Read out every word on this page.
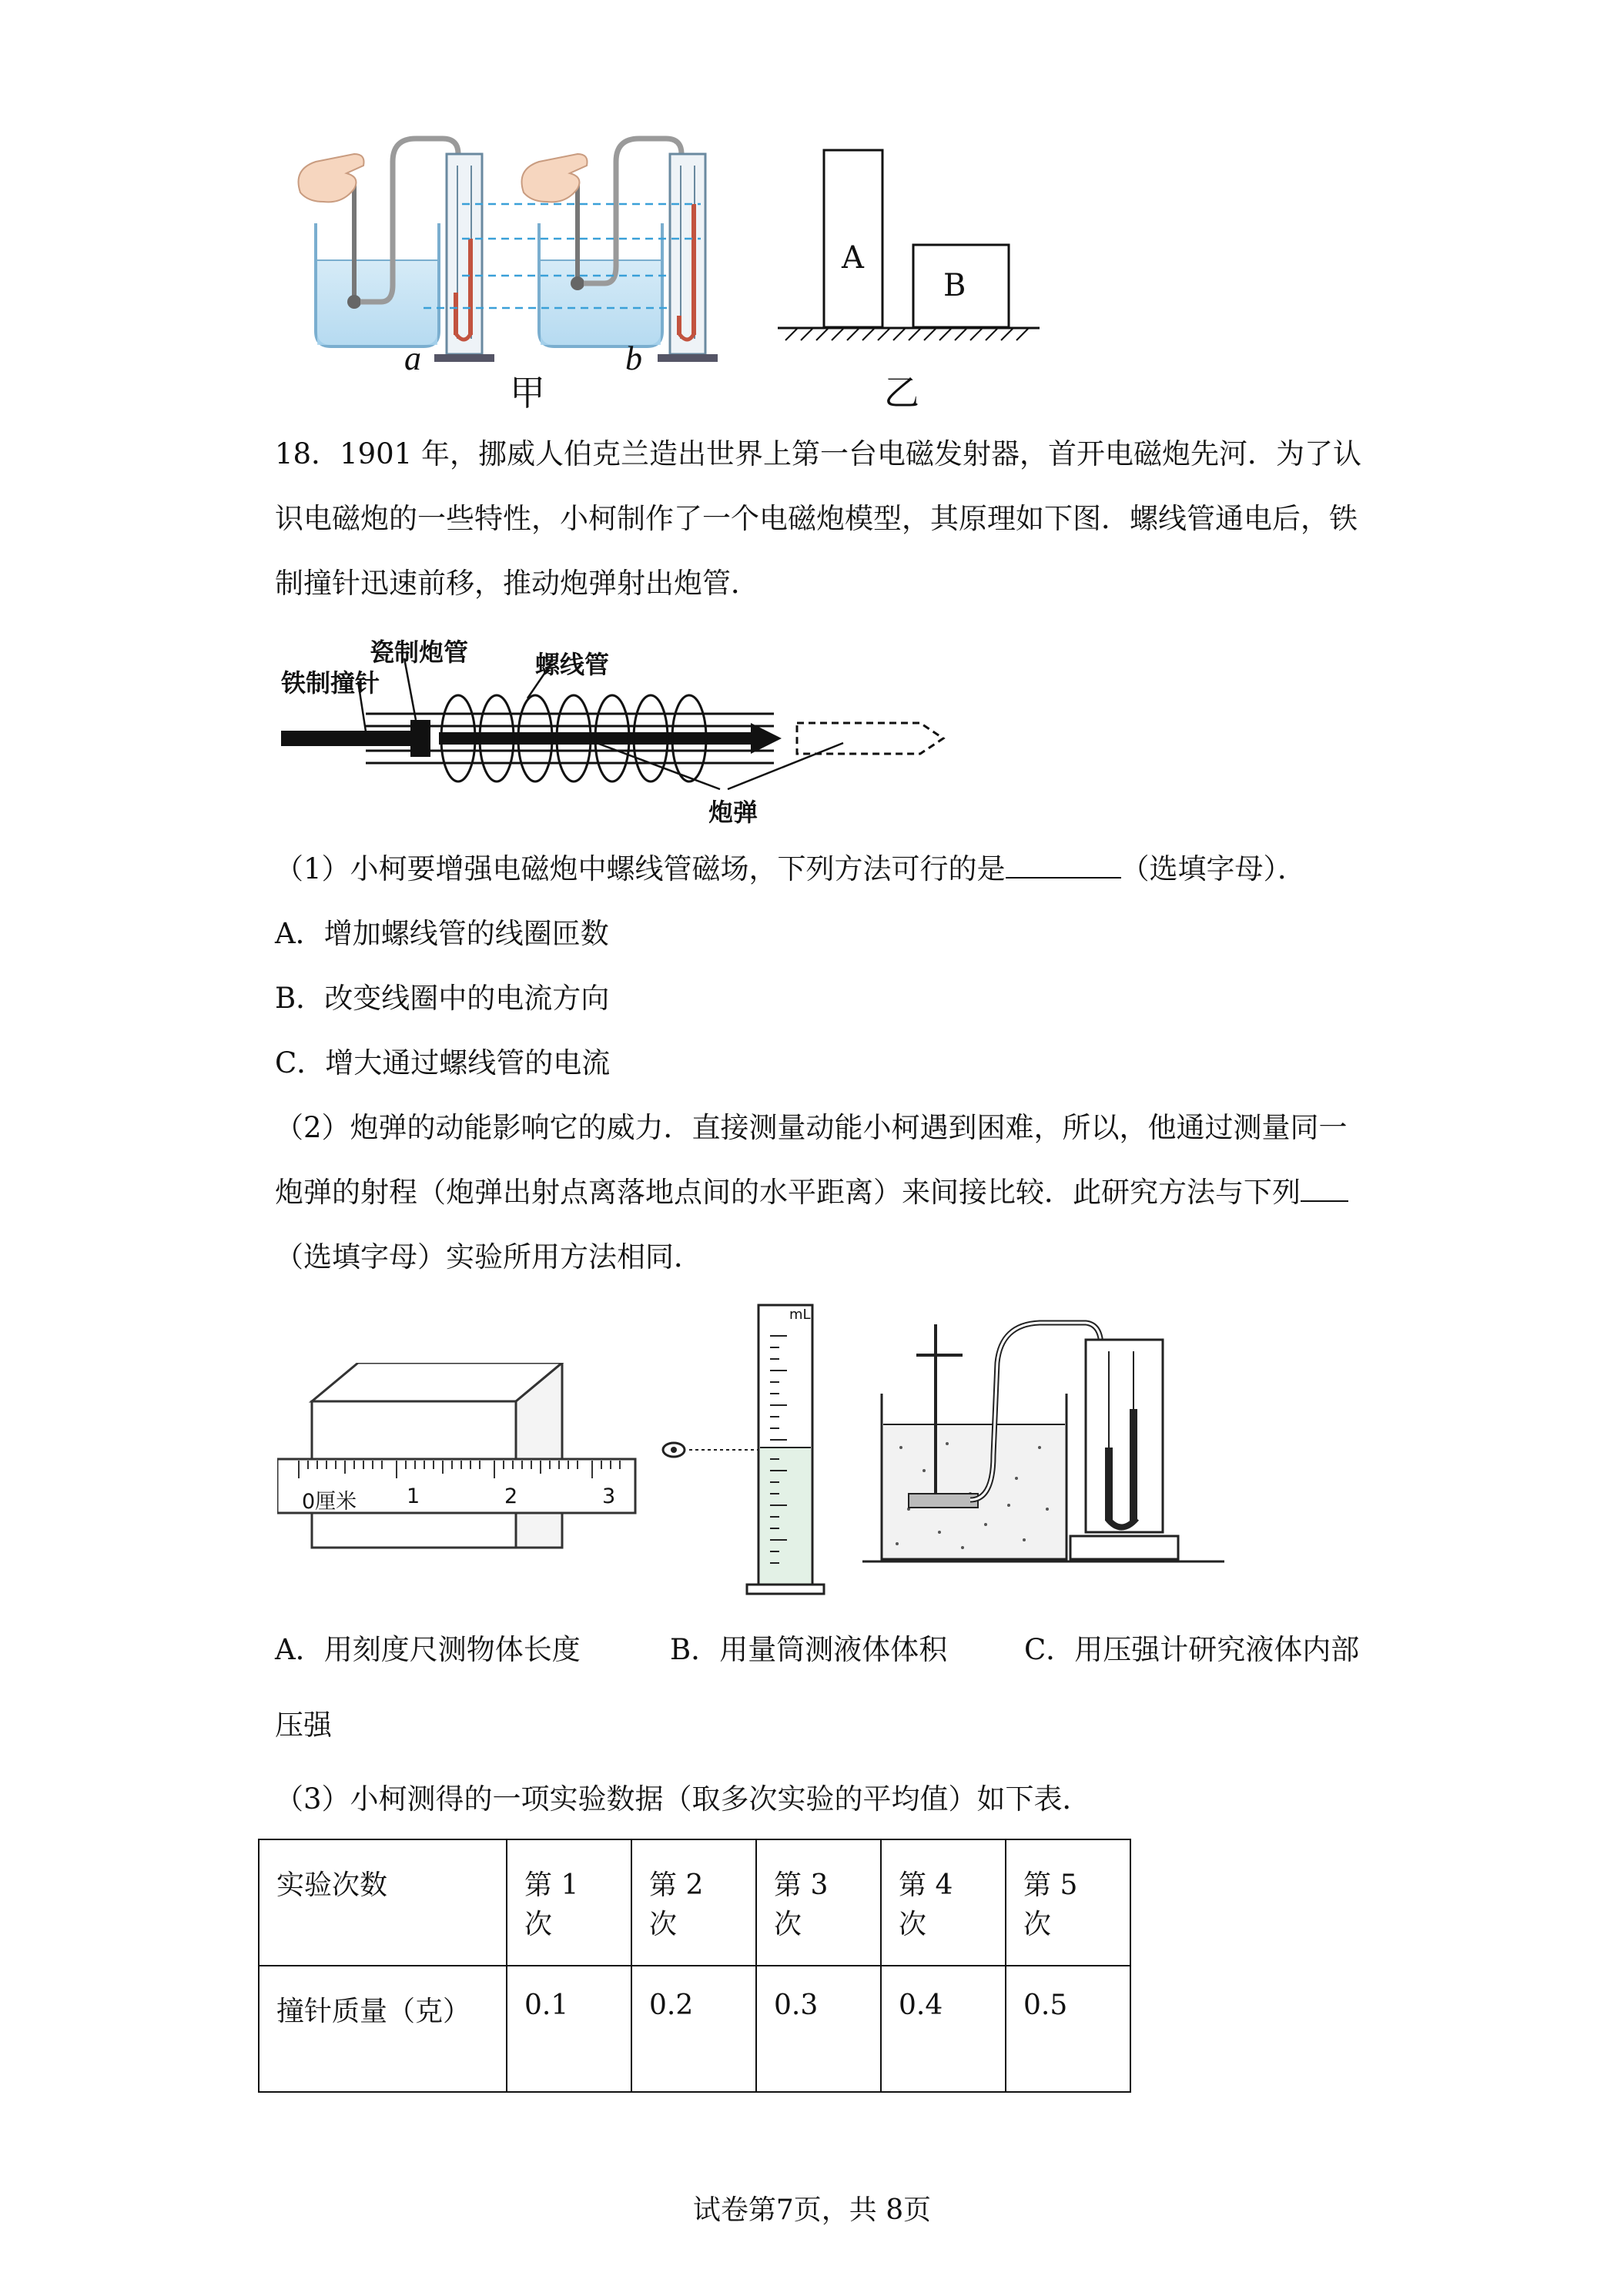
a	b
甲
A
B
乙
18．1901 年，挪威人伯克兰造出世界上第一台电磁发射器，首开电磁炮先河．为了认识电磁炮的一些特性，小柯制作了一个电磁炮模型，其原理如下图．螺线管通电后，铁制撞针迅速前移，推动炮弹射出炮管．
铁制撞针
瓷制炮管	螺线管
炮弹
（1）小柯要增强电磁炮中螺线管磁场，下列方法可行的是	（选填字母）．
A．增加螺线管的线圈匝数
B．改变线圈中的电流方向
C．增大通过螺线管的电流
（2）炮弹的动能影响它的威力．直接测量动能小柯遇到困难，所以，他通过测量同一
炮弹的射程（炮弹出射点离落地点间的水平距离）来间接比较．此研究方法与下列
（选填字母）实验所用方法相同．
0厘米 1	2	3
mL
A．用刻度尺测物体长度	B．用量筒测液体体积	C．用压强计研究液体内部
压强
（3）小柯测得的一项实验数据（取多次实验的平均值）如下表．
实验次数	第 1 次	第 2 次	第 3 次	第 4 次	第 5 次
撞针质量（克）	0.1	0.2	0.3	0.4	0.5
试卷第7页，共 8页
